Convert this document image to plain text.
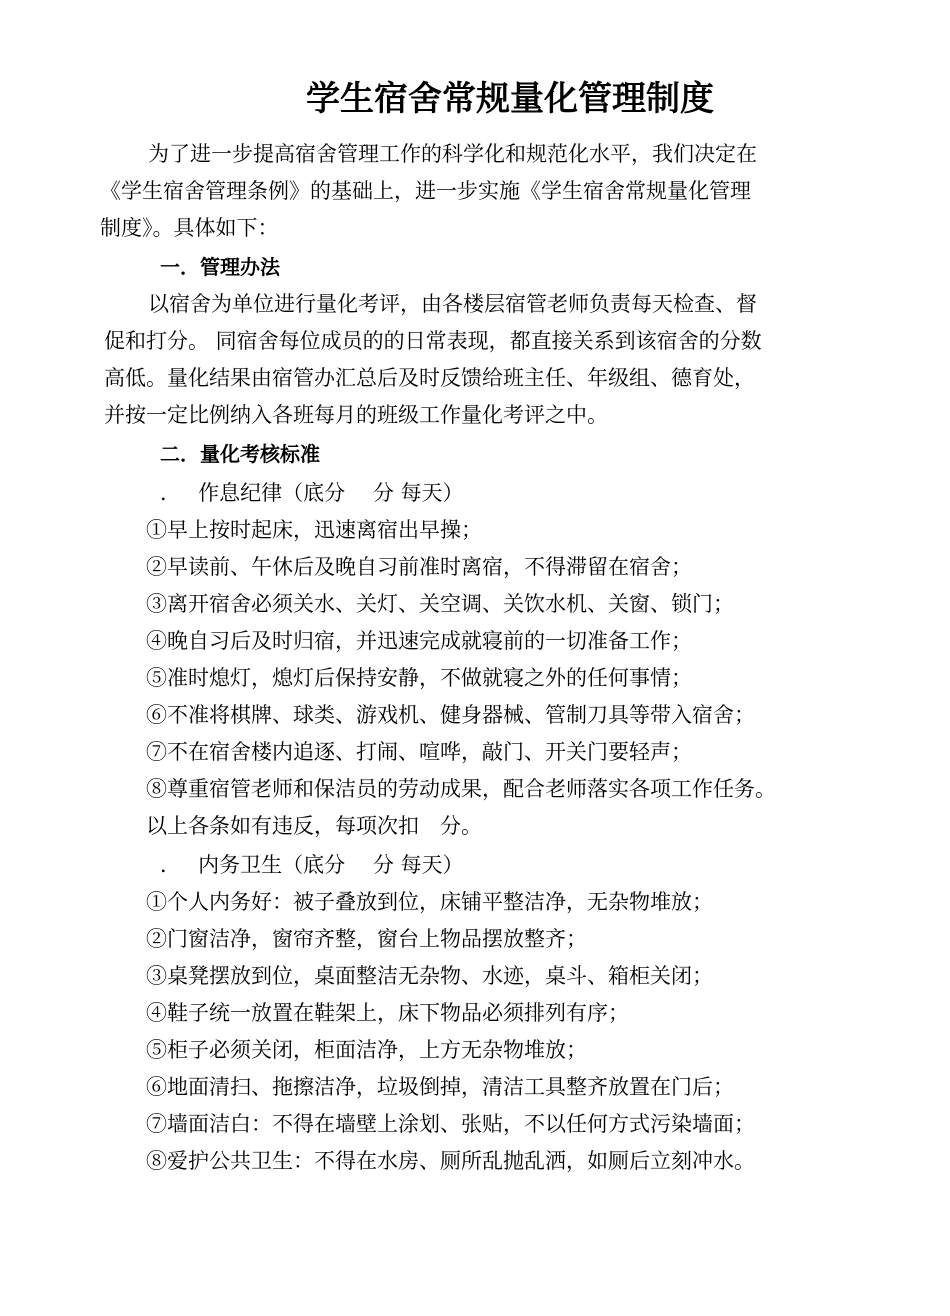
学生宿舍常规量化管理制度

为了进一步提高宿舍管理工作的科学化和规范化水平，我们决定在

《学生宿舍管理条例》的基础上，进一步实施《学生宿舍常规量化管理

制度》。具体如下：

一．管理办法

以宿舍为单位进行量化考评，由各楼层宿管老师负责每天检查、督

促和打分。 同宿舍每位成员的的日常表现，都直接关系到该宿舍的分数

高低。量化结果由宿管办汇总后及时反馈给班主任、年级组、德育处，

并按一定比例纳入各班每月的班级工作量化考评之中。

二．量化考核标准

．　 作息纪律（底分　 分 每天）

①早上按时起床，迅速离宿出早操；

②早读前、午休后及晚自习前准时离宿，不得滞留在宿舍；

③离开宿舍必须关水、关灯、关空调、关饮水机、关窗、锁门；

④晚自习后及时归宿，并迅速完成就寝前的一切准备工作；

⑤准时熄灯，熄灯后保持安静，不做就寝之外的任何事情；

⑥不准将棋牌、球类、游戏机、健身器械、管制刀具等带入宿舍；

⑦不在宿舍楼内追逐、打闹、喧哗，敲门、开关门要轻声；

⑧尊重宿管老师和保洁员的劳动成果，配合老师落实各项工作任务。

以上各条如有违反，每项次扣　分。

．　 内务卫生（底分　 分 每天）

①个人内务好：被子叠放到位，床铺平整洁净，无杂物堆放；

②门窗洁净，窗帘齐整，窗台上物品摆放整齐；

③桌凳摆放到位，桌面整洁无杂物、水迹，桌斗、箱柜关闭；

④鞋子统一放置在鞋架上，床下物品必须排列有序；

⑤柜子必须关闭，柜面洁净，上方无杂物堆放；

⑥地面清扫、拖擦洁净，垃圾倒掉，清洁工具整齐放置在门后；

⑦墙面洁白：不得在墙壁上涂划、张贴，不以任何方式污染墙面；

⑧爱护公共卫生：不得在水房、厕所乱抛乱洒，如厕后立刻冲水。
